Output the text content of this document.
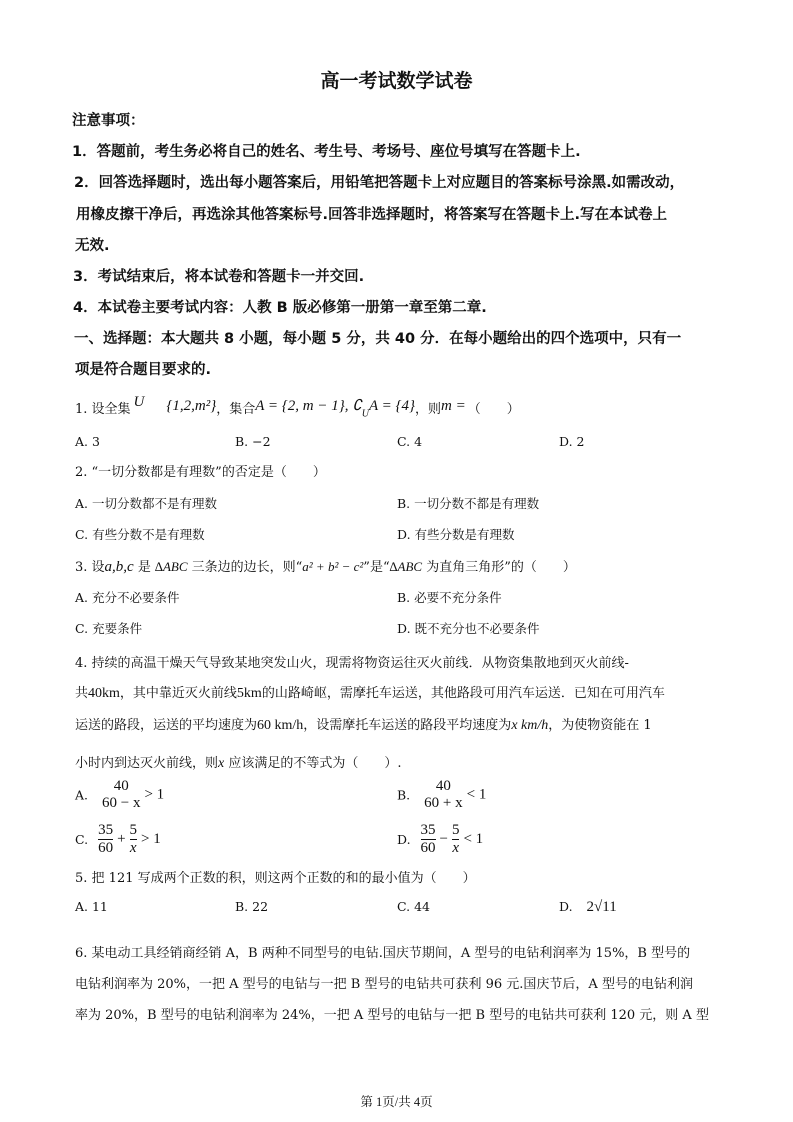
高一考试数学试卷
注意事项：
1．答题前，考生务必将自己的姓名、考生号、考场号、座位号填写在答题卡上.
2．回答选择题时，选出每小题答案后，用铅笔把答题卡上对应题目的答案标号涂黑.如需改动，
用橡皮擦干净后，再选涂其他答案标号.回答非选择题时，将答案写在答题卡上.写在本试卷上
无效.
3．考试结束后，将本试卷和答题卡一并交回.
4．本试卷主要考试内容：人教 B 版必修第一册第一章至第二章.
一、选择题：本大题共 8 小题，每小题 5 分，共 40 分．在每小题给出的四个选项中，只有一
项是符合题目要求的.
1. 设全集 U {1,2,m²}，集合A = {2, m − 1}, $∁_UA = \{4\}$，则m = （　　）
A. 3	B. −2	C. 4	D. 2
2. “一切分数都是有理数”的否定是（　　）
A. 一切分数都不是有理数	B. 一切分数不都是有理数
C. 有些分数不是有理数	D. 有些分数是有理数
3. 设a,b,c 是 ∆ABC 三条边的边长，则“a² + b² − c²”是“∆ABC 为直角三角形”的（　　）
A. 充分不必要条件	B. 必要不充分条件
C. 充要条件	D. 既不充分也不必要条件
4. 持续的高温干燥天气导致某地突发山火，现需将物资运往灭火前线．从物资集散地到灭火前线-
共40km，其中靠近灭火前线5km的山路崎岖，需摩托车运送，其他路段可用汽车运送．已知在可用汽车
运送的路段，运送的平均速度为60 km/h，设需摩托车运送的路段平均速度为x km/h，为使物资能在 1
小时内到达灭火前线，则x 应该满足的不等式为（　　）.
A.
40
60 − x
> 1	B.
40
60 + x
< 1
C. $\frac{35}{60} + \frac{5}{x} > 1$	D. $\frac{35}{60} - \frac{5}{x} < 1$
5. 把 121 写成两个正数的积，则这两个正数的和的最小值为（　　）
A. 11	B. 22	C. 44	D. 2√11
6. 某电动工具经销商经销 A，B 两种不同型号的电钻.国庆节期间，A 型号的电钻利润率为 15%，B 型号的
电钻利润率为 20%，一把 A 型号的电钻与一把 B 型号的电钻共可获利 96 元.国庆节后，A 型号的电钻利润
率为 20%，B 型号的电钻利润率为 24%，一把 A 型号的电钻与一把 B 型号的电钻共可获利 120 元，则 A 型
第 1页/共 4页
